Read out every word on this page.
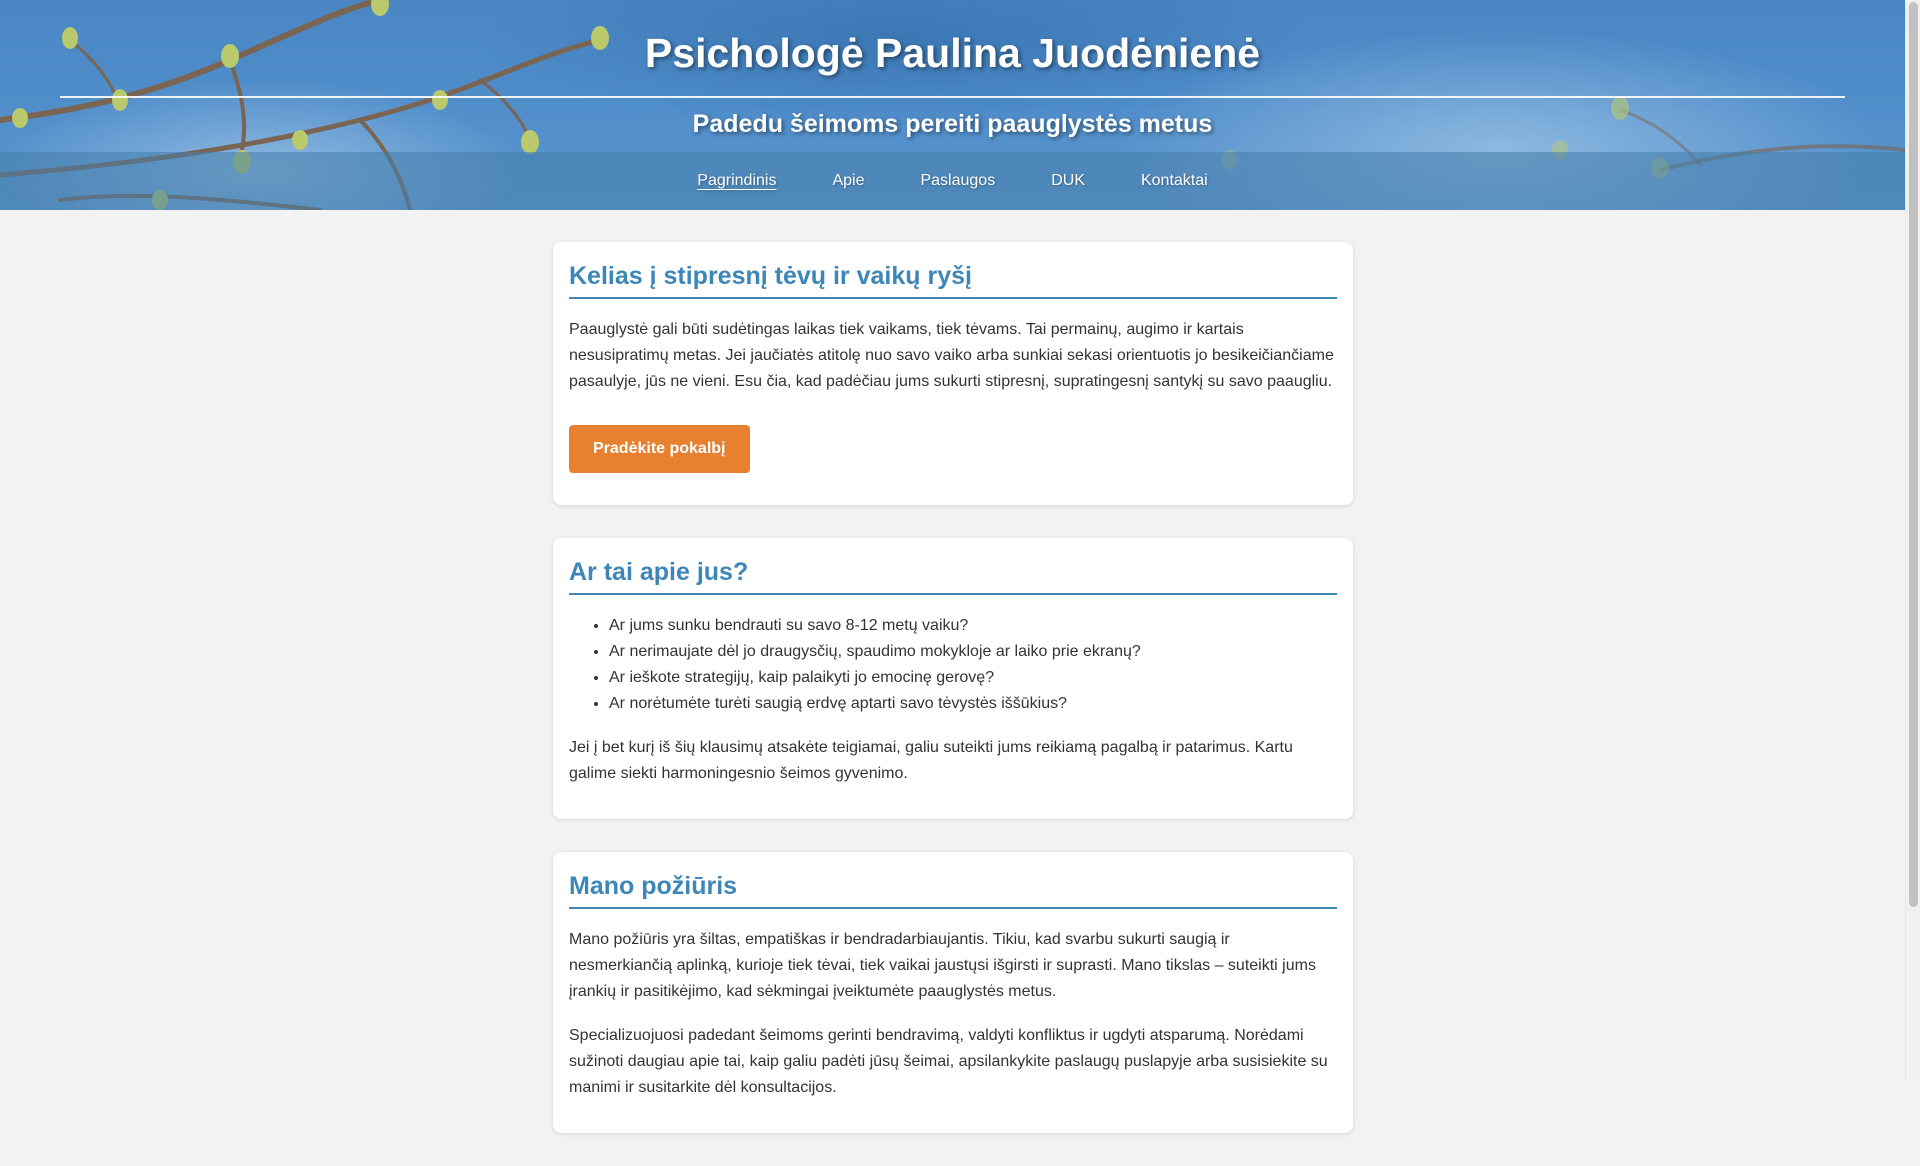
Psichologė Paulina Juodėnienė

Padedu šeimoms pereiti paauglystės metus

Pagrindinis	Apie	Paslaugos	DUK	Kontaktai
Kelias į stipresnį tėvų ir vaikų ryšį

Paauglystė gali būti sudėtingas laikas tiek vaikams, tiek tėvams. Tai permainų, augimo ir kartais nesusipratimų metas. Jei jaučiatės atitolę nuo savo vaiko arba sunkiai sekasi orientuotis jo besikeičiančiame pasaulyje, jūs ne vieni. Esu čia, kad padėčiau jums sukurti stipresnį, supratingesnį santykį su savo paaugliu.

Pradėkite pokalbį
Ar tai apie jus?
• Ar jums sunku bendrauti su savo 8-12 metų vaiku?
• Ar nerimaujate dėl jo draugysčių, spaudimo mokykloje ar laiko prie ekranų?
• Ar ieškote strategijų, kaip palaikyti jo emocinę gerovę?
• Ar norėtumėte turėti saugią erdvę aptarti savo tėvystės iššūkius?

Jei į bet kurį iš šių klausimų atsakėte teigiamai, galiu suteikti jums reikiamą pagalbą ir patarimus. Kartu galime siekti harmoningesnio šeimos gyvenimo.

Mano požiūris

Mano požiūris yra šiltas, empatiškas ir bendradarbiaujantis. Tikiu, kad svarbu sukurti saugią ir nesmerkiančią aplinką, kurioje tiek tėvai, tiek vaikai jaustųsi išgirsti ir suprasti. Mano tikslas – suteikti jums įrankių ir pasitikėjimo, kad sėkmingai įveiktumėte paauglystės metus.

Specializuojuosi padedant šeimoms gerinti bendravimą, valdyti konfliktus ir ugdyti atsparumą. Norėdami sužinoti daugiau apie tai, kaip galiu padėti jūsų šeimai, apsilankykite paslaugų puslapyje arba susisiekite su manimi ir susitarkite dėl konsultacijos.
